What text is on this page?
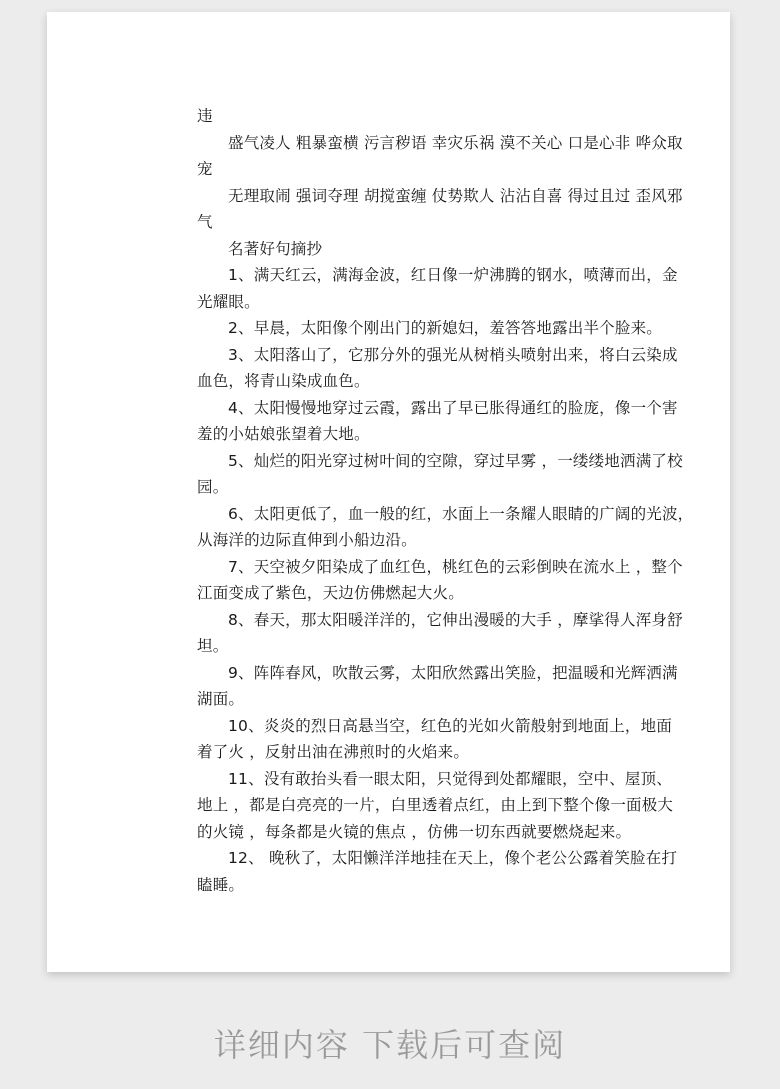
违
盛气凌人 粗暴蛮横 污言秽语 幸灾乐祸 漠不关心 口是心非 哗众取
宠
无理取闹 强词夺理 胡搅蛮缠 仗势欺人 沾沾自喜 得过且过 歪风邪
气
名著好句摘抄
1、满天红云，满海金波，红日像一炉沸腾的钢水，喷薄而出，金
光耀眼。
2、早晨，太阳像个刚出门的新媳妇，羞答答地露出半个脸来。
3、太阳落山了，它那分外的强光从树梢头喷射出来，将白云染成
血色，将青山染成血色。
4、太阳慢慢地穿过云霞，露出了早已胀得通红的脸庞，像一个害
羞的小姑娘张望着大地。
5、灿烂的阳光穿过树叶间的空隙，穿过早雾 ，一缕缕地洒满了校
园。
6、太阳更低了，血一般的红，水面上一条耀人眼睛的广阔的光波，
从海洋的边际直伸到小船边沿。
7、天空被夕阳染成了血红色，桃红色的云彩倒映在流水上 ，整个
江面变成了紫色，天边仿佛燃起大火。
8、春天，那太阳暖洋洋的，它伸出漫暖的大手 ，摩挲得人浑身舒
坦。
9、阵阵春风，吹散云雾，太阳欣然露出笑脸，把温暖和光辉洒满
湖面。
10、炎炎的烈日高悬当空，红色的光如火箭般射到地面上，地面
着了火 ，反射出油在沸煎时的火焰来。
11、没有敢抬头看一眼太阳，只觉得到处都耀眼，空中、屋顶、
地上 ，都是白亮亮的一片，白里透着点红，由上到下整个像一面极大
的火镜 ，每条都是火镜的焦点 ，仿佛一切东西就要燃烧起来。
12、 晚秋了，太阳懒洋洋地挂在天上，像个老公公露着笑脸在打
瞌睡。
详细内容 下载后可查阅
